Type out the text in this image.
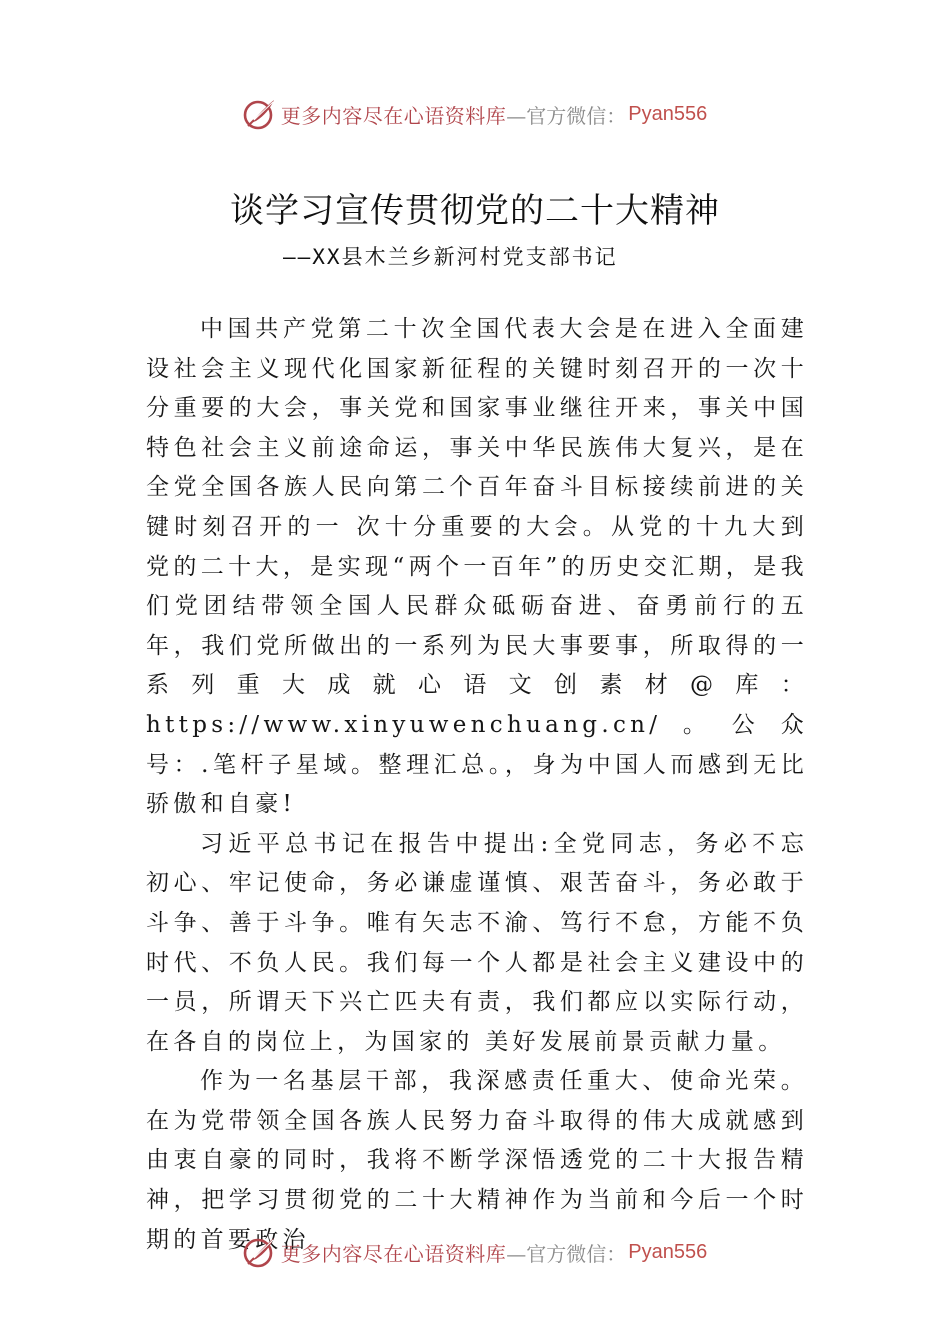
更多内容尽在心语资料库 —官方微信： Pyan556
谈学习宣传贯彻党的二十大精神
——XX县木兰乡新河村党支部书记

中国共产党第二十次全国代表大会是在进入全面建设社会主义现代化国家新征程的关键时刻召开的一次十分重要的大会，事关党和国家事业继往开来，事关中国特色社会主义前途命运，事关中华民族伟大复兴，是在全党全国各族人民向第二个百年奋斗目标接续前进的关键时刻召开的一 次十分重要的大会。从党的十九大到党的二十大，是实现“两个一百年”的历史交汇期，是我们党团结带领全国人民群众砥砺奋进、奋勇前行的五年，我们党所做出的一系列为民大事要事，所取得的一系列重大成就心语文创素材@库：https://www.xinyuwenchuang.cn/。公众号：.笔杆子星域。整理汇总。，身为中国人而感到无比骄傲和自豪!

习近平总书记在报告中提出:全党同志，务必不忘初心、牢记使命，务必谦虚谨慎、艰苦奋斗，务必敢于斗争、善于斗争。唯有矢志不渝、笃行不怠，方能不负时代、不负人民。我们每一个人都是社会主义建设中的一员，所谓天下兴亡匹夫有责，我们都应以实际行动，在各自的岗位上，为国家的 美好发展前景贡献力量。

作为一名基层干部，我深感责任重大、使命光荣。在为党带领全国各族人民努力奋斗取得的伟大成就感到由衷自豪的同时，我将不断学深悟透党的二十大报告精神，把学习贯彻党的二十大精神作为当前和今后一个时期的首要政治

更多内容尽在心语资料库 —官方微信： Pyan556
